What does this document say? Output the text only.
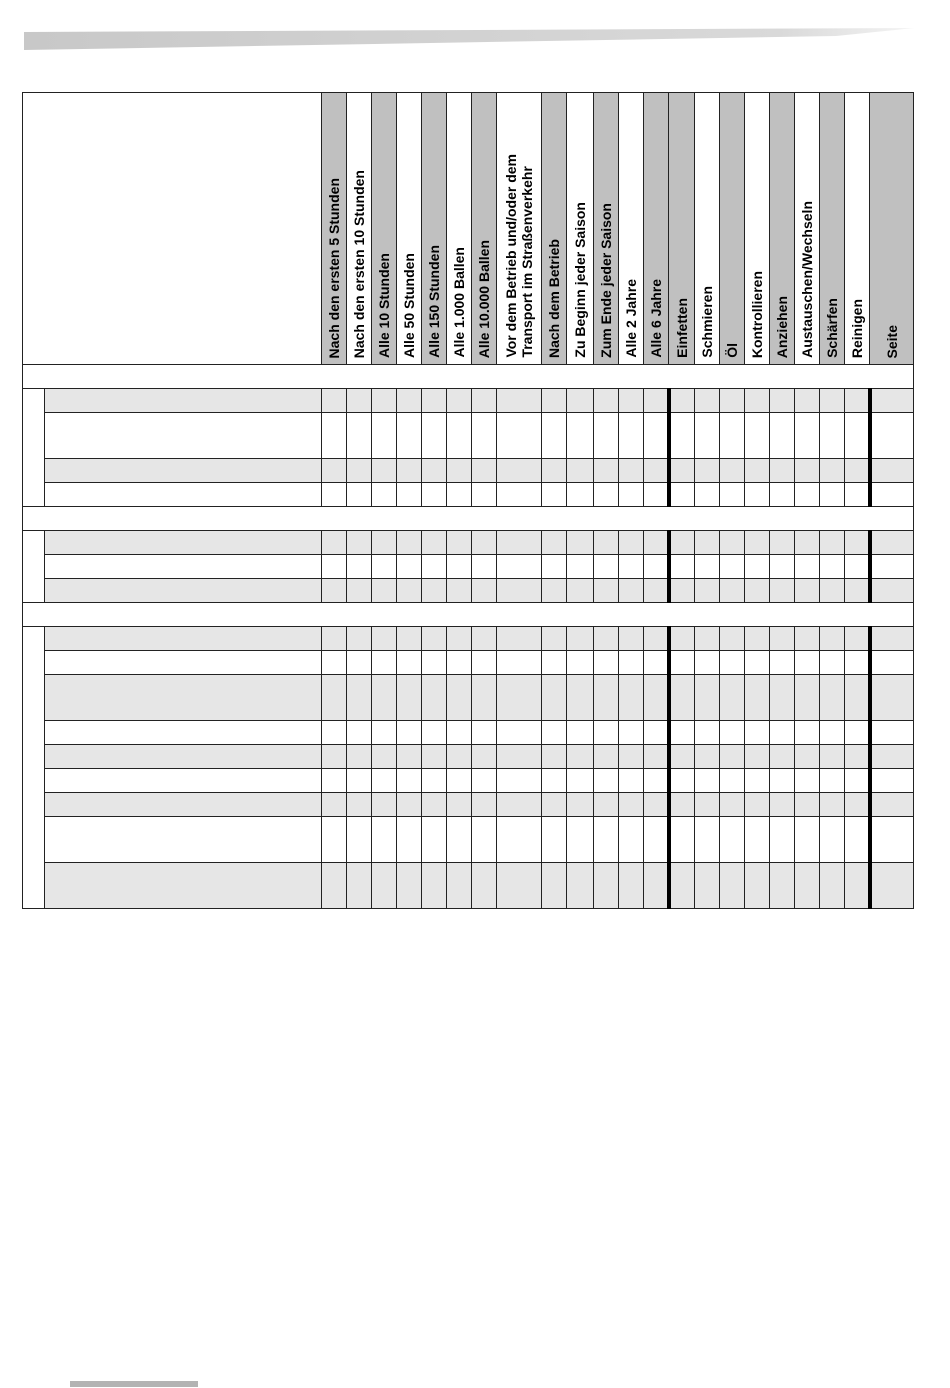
		Nach den ersten 5 Stunden	Nach den ersten 10 Stunden	Alle 10 Stunden	Alle 50 Stunden	Alle 150 Stunden	Alle 1.000 Ballen	Alle 10.000 Ballen	Vor dem Betrieb und/oder dem
Transport im Straßenverkehr	Nach dem Betrieb	Zu Beginn jeder Saison	Zum Ende jeder Saison	Alle 2 Jahre	Alle 6 Jahre	Einfetten	Schmieren	Öl	Kontrollieren	Anziehen	Austauschen/Wechseln	Schärfen	Reinigen	Seite
